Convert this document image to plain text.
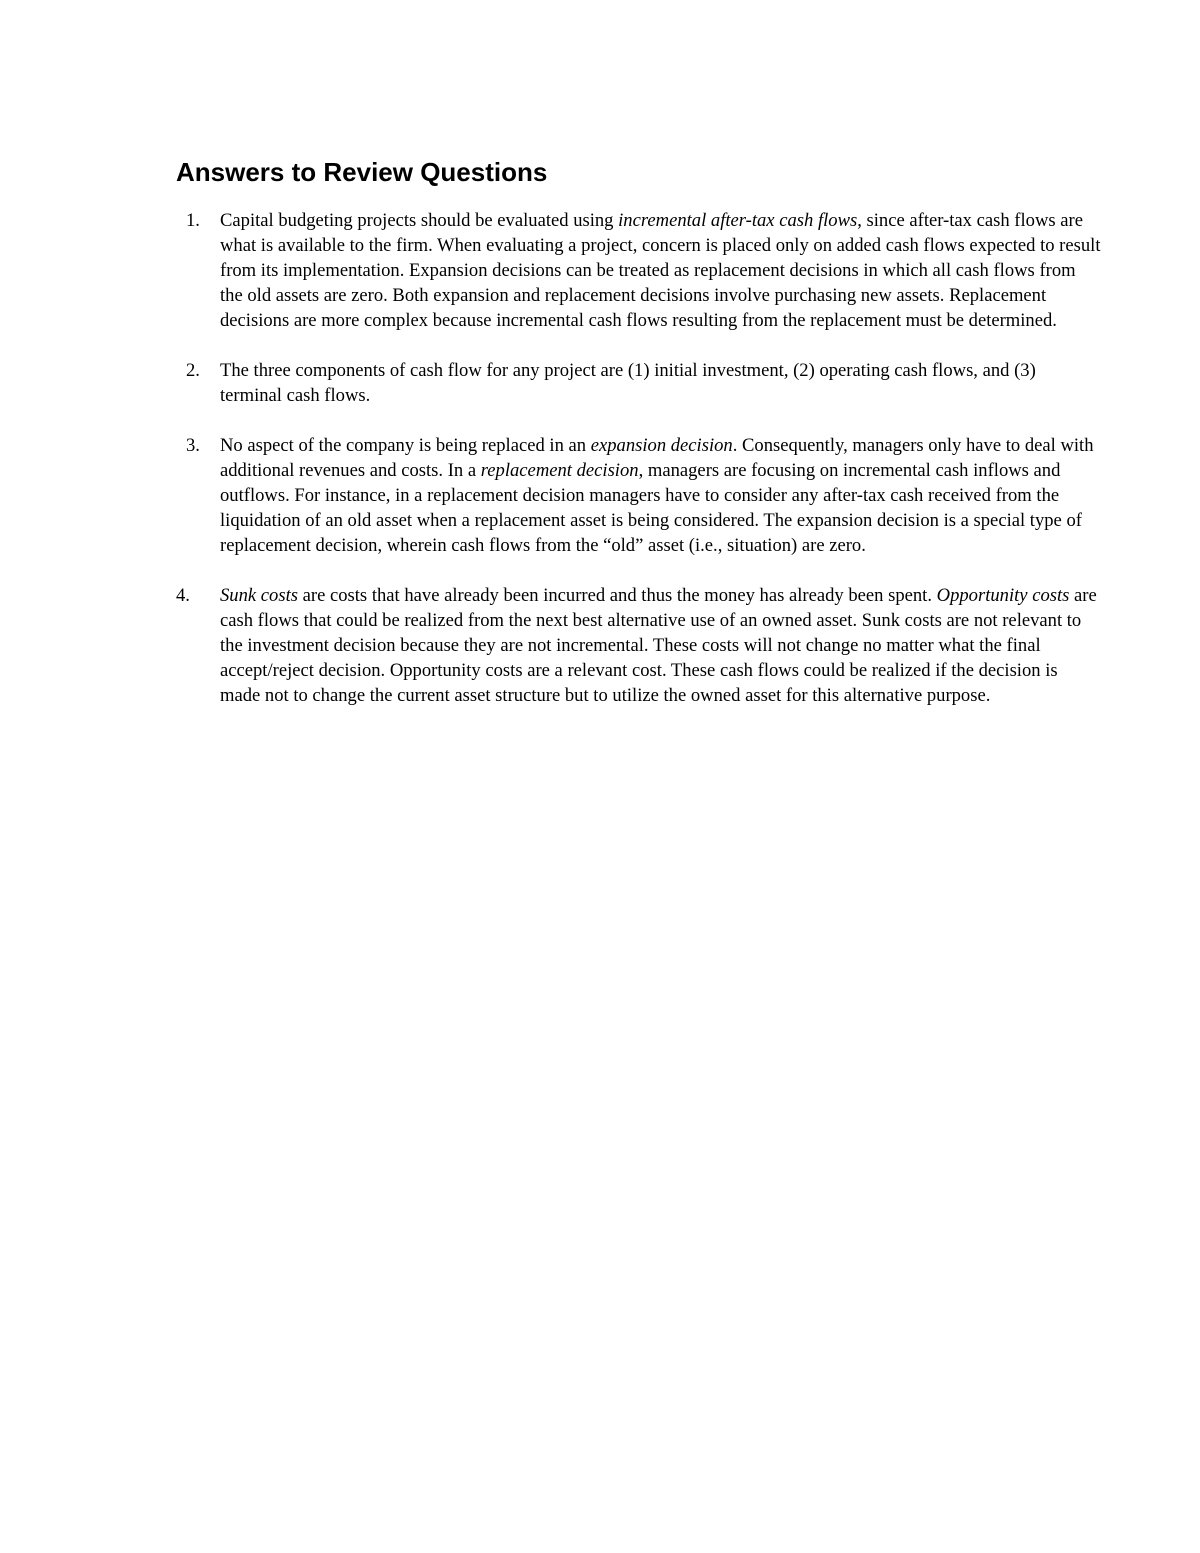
Answers to Review Questions
1. Capital budgeting projects should be evaluated using incremental after-tax cash flows, since after-tax cash flows are what is available to the firm. When evaluating a project, concern is placed only on added cash flows expected to result from its implementation. Expansion decisions can be treated as replacement decisions in which all cash flows from the old assets are zero. Both expansion and replacement decisions involve purchasing new assets. Replacement decisions are more complex because incremental cash flows resulting from the replacement must be determined.
2. The three components of cash flow for any project are (1) initial investment, (2) operating cash flows, and (3) terminal cash flows.
3. No aspect of the company is being replaced in an expansion decision. Consequently, managers only have to deal with additional revenues and costs. In a replacement decision, managers are focusing on incremental cash inflows and outflows. For instance, in a replacement decision managers have to consider any after-tax cash received from the liquidation of an old asset when a replacement asset is being considered. The expansion decision is a special type of replacement decision, wherein cash flows from the “old” asset (i.e., situation) are zero.
4. Sunk costs are costs that have already been incurred and thus the money has already been spent. Opportunity costs are cash flows that could be realized from the next best alternative use of an owned asset. Sunk costs are not relevant to the investment decision because they are not incremental. These costs will not change no matter what the final accept/reject decision. Opportunity costs are a relevant cost. These cash flows could be realized if the decision is made not to change the current asset structure but to utilize the owned asset for this alternative purpose.
